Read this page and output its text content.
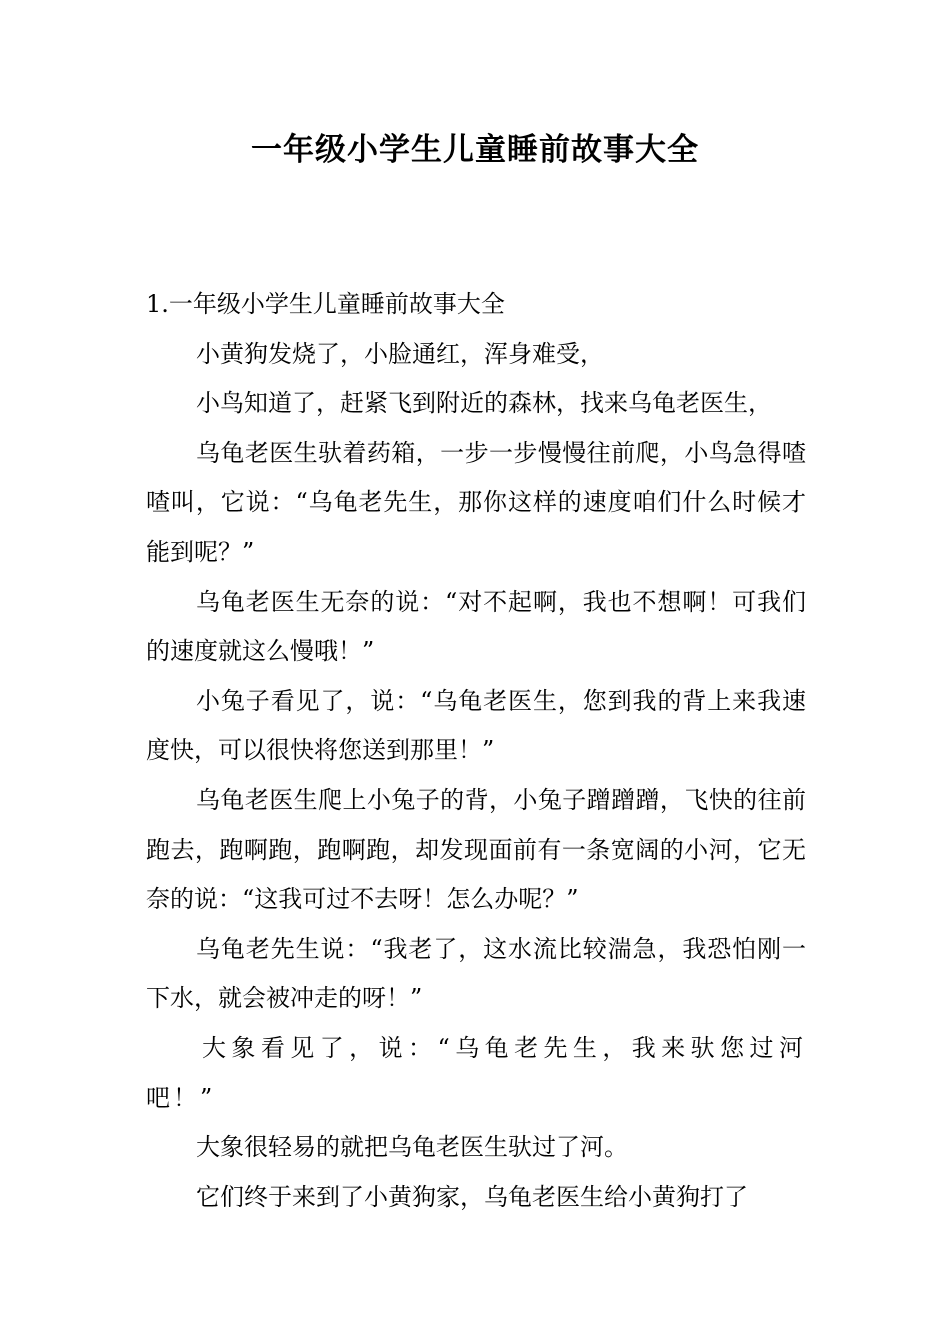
一年级小学生儿童睡前故事大全

1.一年级小学生儿童睡前故事大全

小黄狗发烧了，小脸通红，浑身难受，

小鸟知道了，赶紧飞到附近的森林，找来乌龟老医生，

乌龟老医生驮着药箱，一步一步慢慢往前爬，小鸟急得喳喳叫，它说：“乌龟老先生，那你这样的速度咱们什么时候才能到呢？”

乌龟老医生无奈的说：“对不起啊，我也不想啊！可我们的速度就这么慢哦！”

小兔子看见了，说：“乌龟老医生，您到我的背上来我速度快，可以很快将您送到那里！”

乌龟老医生爬上小兔子的背，小兔子蹭蹭蹭，飞快的往前跑去，跑啊跑，跑啊跑，却发现面前有一条宽阔的小河，它无奈的说：“这我可过不去呀！怎么办呢？”

乌龟老先生说：“我老了，这水流比较湍急，我恐怕刚一下水，就会被冲走的呀！”

大象看见了，说：“乌龟老先生，我来驮您过河吧！”

大象很轻易的就把乌龟老医生驮过了河。

它们终于来到了小黄狗家，乌龟老医生给小黄狗打了
